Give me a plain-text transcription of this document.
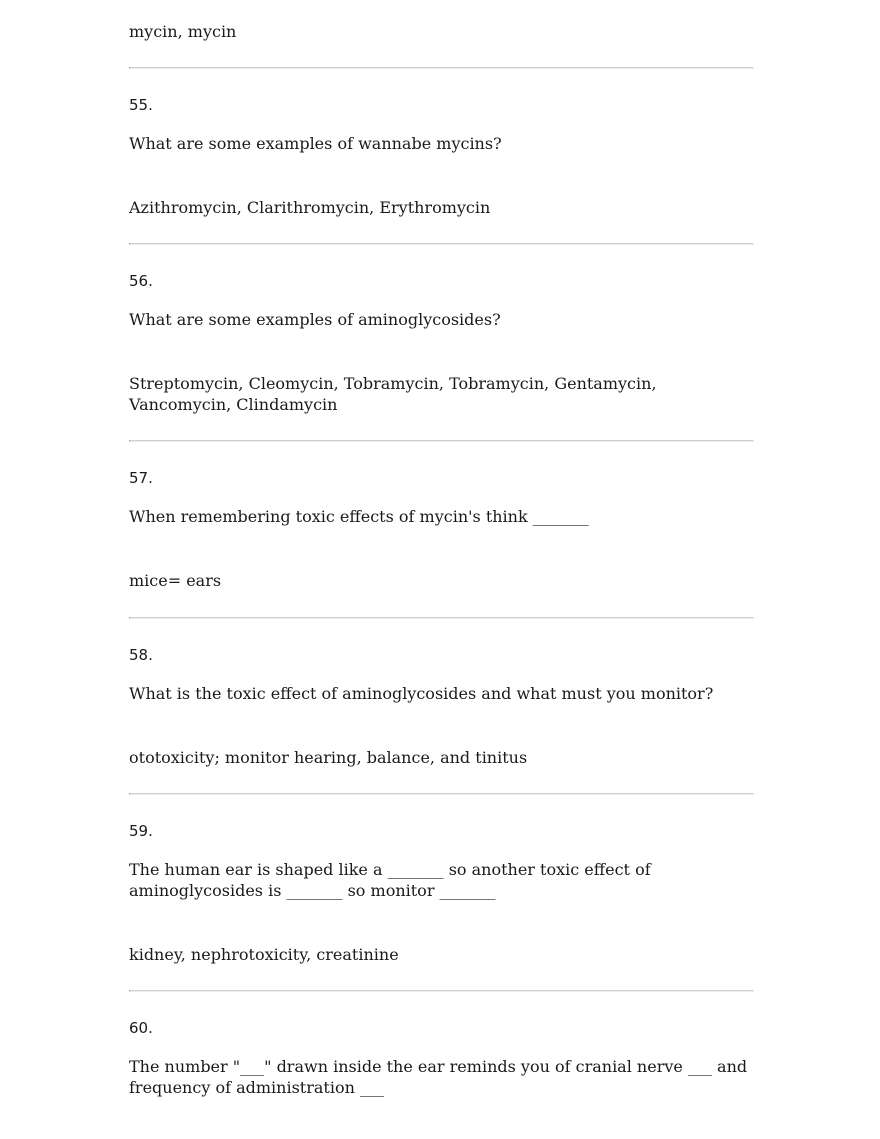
mycin, mycin

55.

What are some examples of wannabe mycins?

Azithromycin, Clarithromycin, Erythromycin

56.

What are some examples of aminoglycosides?

Streptomycin, Cleomycin, Tobramycin, Tobramycin, Gentamycin, Vancomycin, Clindamycin

57.

When remembering toxic effects of mycin's think _______

mice= ears

58.

What is the toxic effect of aminoglycosides and what must you monitor?

ototoxicity; monitor hearing, balance, and tinitus

59.

The human ear is shaped like a _______ so another toxic effect of aminoglycosides is _______ so monitor _______

kidney, nephrotoxicity, creatinine

60.

The number "___" drawn inside the ear reminds you of cranial nerve ___ and frequency of administration ___
